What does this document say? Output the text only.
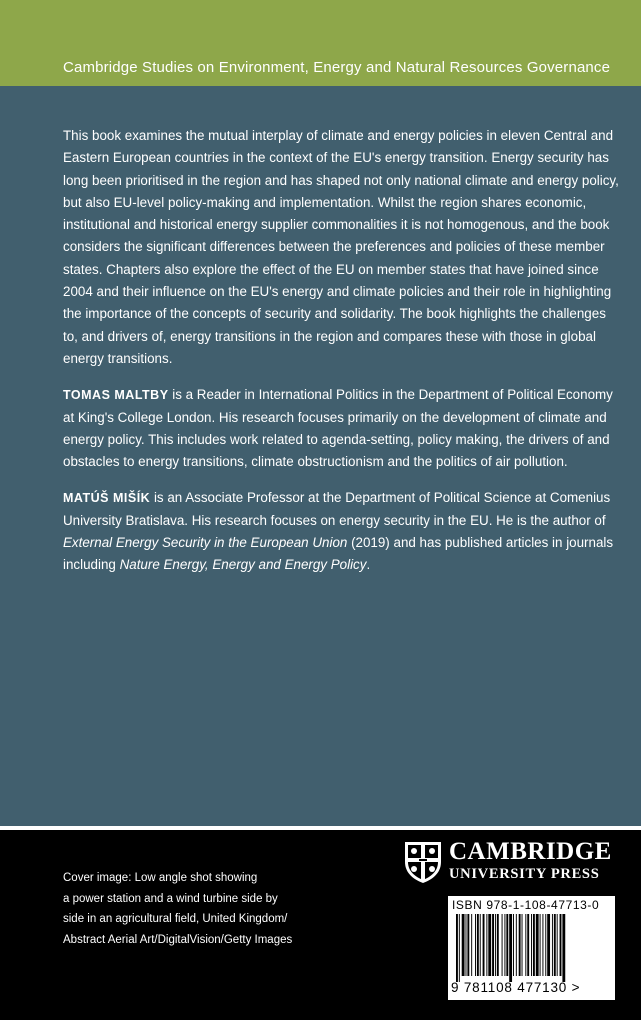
Cambridge Studies on Environment, Energy and Natural Resources Governance

This book examines the mutual interplay of climate and energy policies in eleven Central and Eastern European countries in the context of the EU's energy transition. Energy security has long been prioritised in the region and has shaped not only national climate and energy policy, but also EU-level policy-making and implementation. Whilst the region shares economic, institutional and historical energy supplier commonalities it is not homogenous, and the book considers the significant differences between the preferences and policies of these member states. Chapters also explore the effect of the EU on member states that have joined since 2004 and their influence on the EU's energy and climate policies and their role in highlighting the importance of the concepts of security and solidarity. The book highlights the challenges to, and drivers of, energy transitions in the region and compares these with those in global energy transitions.

TOMAS MALTBY is a Reader in International Politics in the Department of Political Economy at King's College London. His research focuses primarily on the development of climate and energy policy. This includes work related to agenda-setting, policy making, the drivers of and obstacles to energy transitions, climate obstructionism and the politics of air pollution.

MATÚŠ MIŠÍK is an Associate Professor at the Department of Political Science at Comenius University Bratislava. His research focuses on energy security in the EU. He is the author of External Energy Security in the European Union (2019) and has published articles in journals including Nature Energy, Energy and Energy Policy.

Cover image: Low angle shot showing
a power station and a wind turbine side by
side in an agricultural field, United Kingdom/
Abstract Aerial Art/DigitalVision/Getty Images
CAMBRIDGE
UNIVERSITY PRESS
ISBN 978-1-108-47713-0
9 781108 477130 >
